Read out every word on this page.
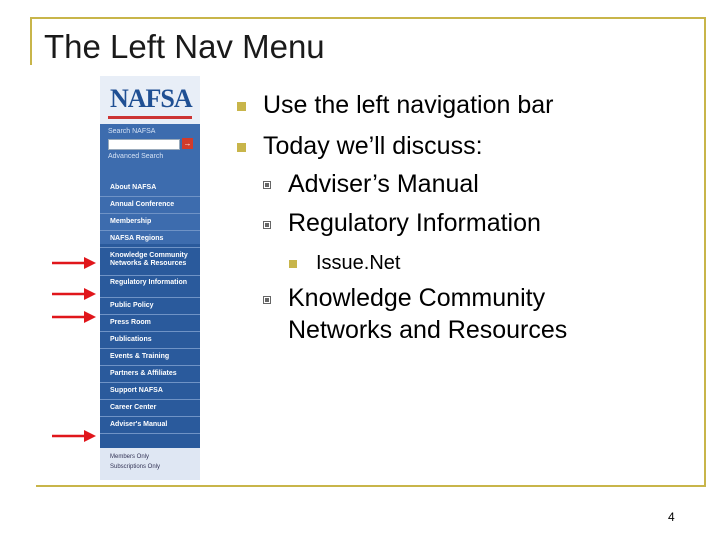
The Left Nav Menu
NAFSA
Search NAFSA
→
Advanced Search
About NAFSA
Annual Conference
Membership
NAFSA Regions
Knowledge Community Networks & Resources
Regulatory Information
Public Policy
Press Room
Publications
Events & Training
Partners & Affiliates
Support NAFSA
Career Center
Adviser's Manual
Members Only
Subscriptions Only
Use the left navigation bar
Today we’ll discuss:
Adviser’s Manual
Regulatory Information
Issue.Net
Knowledge Community
Networks and Resources
4
